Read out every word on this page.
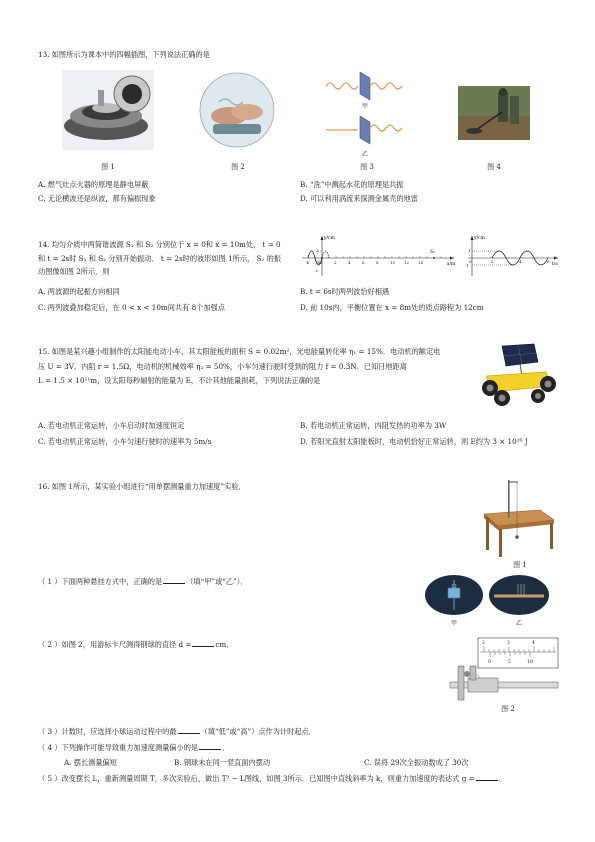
13. 如图所示为课本中的四幅插图，下列说法正确的是
图 1	图 2
甲
乙
图 3	图 4
A. 燃气灶点火器的原理是静电屏蔽	B. “洗”中溅起水花的原理是共振
C. 无论横波还是纵波，都有偏振现象	D. 可以利用涡流来探测金属壳的地雷
14. 均匀介质中两简谐波源 S₁ 和 S₂ 分别位于 x = 0和 x = 10m处， t = 0
和 t = 2s时 S₁ 和 S₂ 分别开始振动． t = 2s时的波形如图 1所示， S₂ 的振
动图像如图 2所示．则
y/cm
x/m
2
-2
S₁
S₂
-4	2	4	6	8	10 12 14
y/cm
t/s
1
-1
0	2	4	6
A. 两波源的起振方向相同	B. t = 6s时两列波恰好相遇
C. 两列波叠加稳定后，在 0 < x < 10m间共有 8个加强点	D. 前 10s内，平衡位置在 x = 8m处的质点路程为 12cm
15. 如图是某兴趣小组制作的太阳能电动小车，其太阳能板的面积 S = 0.02m²，光电能量转化率 η₁ = 15%．电动机的额定电
压 U = 3V、内阻 r = 1.5Ω，电动机的机械效率 η₂ = 50%，小车匀速行驶时受到的阻力 f = 0.3N．已知日地距离
L = 1.5 × 10¹¹m，设太阳每秒辐射的能量为 E，不计其他能量损耗，下列说法正确的是
A. 若电动机正常运转，小车启动时加速度恒定	B. 若电动机正常运转，内阻发热的功率为 3W
C. 若电动机正常运转，小车匀速行驶时的速率为 5m/s	D. 若阳光直射太阳能板时，电动机恰好正常运转，则 E约为 3 × 10²⁶ J
16. 如图 1所示，某实验小组进行“用单摆测量重力加速度”实验．
图 1
（ 1 ）下面两种悬挂方式中，正确的是	（填“甲”或“乙”）．
甲	乙
（ 2 ）如图 2，用游标卡尺测得钢球的直径 d =	cm．	2	3	4
0	5	10
图 2
（ 3 ）计数时，应选择小球运动过程中的最	（填“低”或“高”）点作为计时起点．
（ 4 ）下列操作可能导致重力加速度测量偏小的是	．
A. 摆长测量偏短	B. 钢球未在同一竖直面内摆动	C. 误将 29次全振动数成了 30次
（ 5 ）改变摆长 L，重新测量周期 T，多次实验后，做出 T² − L图线，如图 3所示．已知图中直线斜率为 k，则重力加速度的表达式 g =	．
